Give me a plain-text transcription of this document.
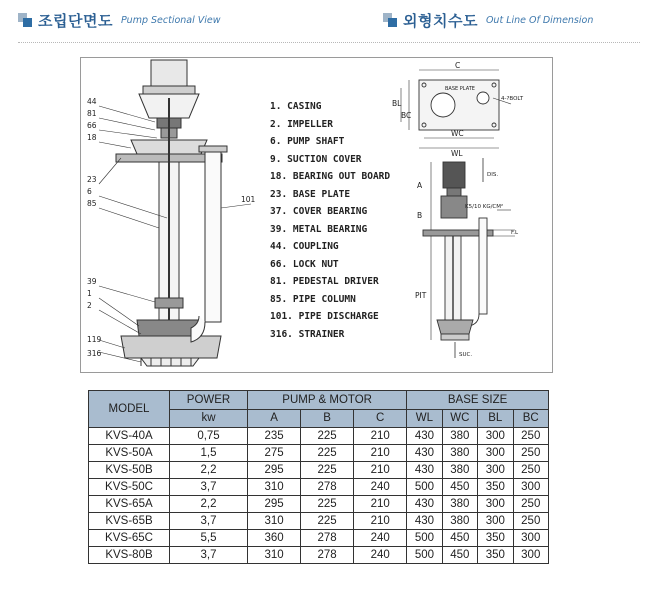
조립단면도 Pump Sectional View	외형치수도 Out Line Of Dimension
44
81
66
18
23
6
85
39
1
2
119
316
101
C
BL
BC
WC
WL
BASE PLATE
4-?BOLT
A
B
PIT
DIS.
K5/10 KG/CM²
F.L
SUC.
1. CASING
2. IMPELLER
6. PUMP SHAFT
9. SUCTION COVER
18. BEARING OUT BOARD
23. BASE PLATE
37. COVER BEARING
39. METAL BEARING
44. COUPLING
66. LOCK NUT
81. PEDESTAL DRIVER
85. PIPE COLUMN
101. PIPE DISCHARGE
316. STRAINER
MODEL	POWER	PUMP & MOTOR			BASE SIZE			
	kw	A	B	C	WL	WC	BL	BC
KVS-40A	0,75	235	225	210	430	380	300	250
KVS-50A	1,5	275	225	210	430	380	300	250
KVS-50B	2,2	295	225	210	430	380	300	250
KVS-50C	3,7	310	278	240	500	450	350	300
KVS-65A	2,2	295	225	210	430	380	300	250
KVS-65B	3,7	310	225	210	430	380	300	250
KVS-65C	5,5	360	278	240	500	450	350	300
KVS-80B	3,7	310	278	240	500	450	350	300
